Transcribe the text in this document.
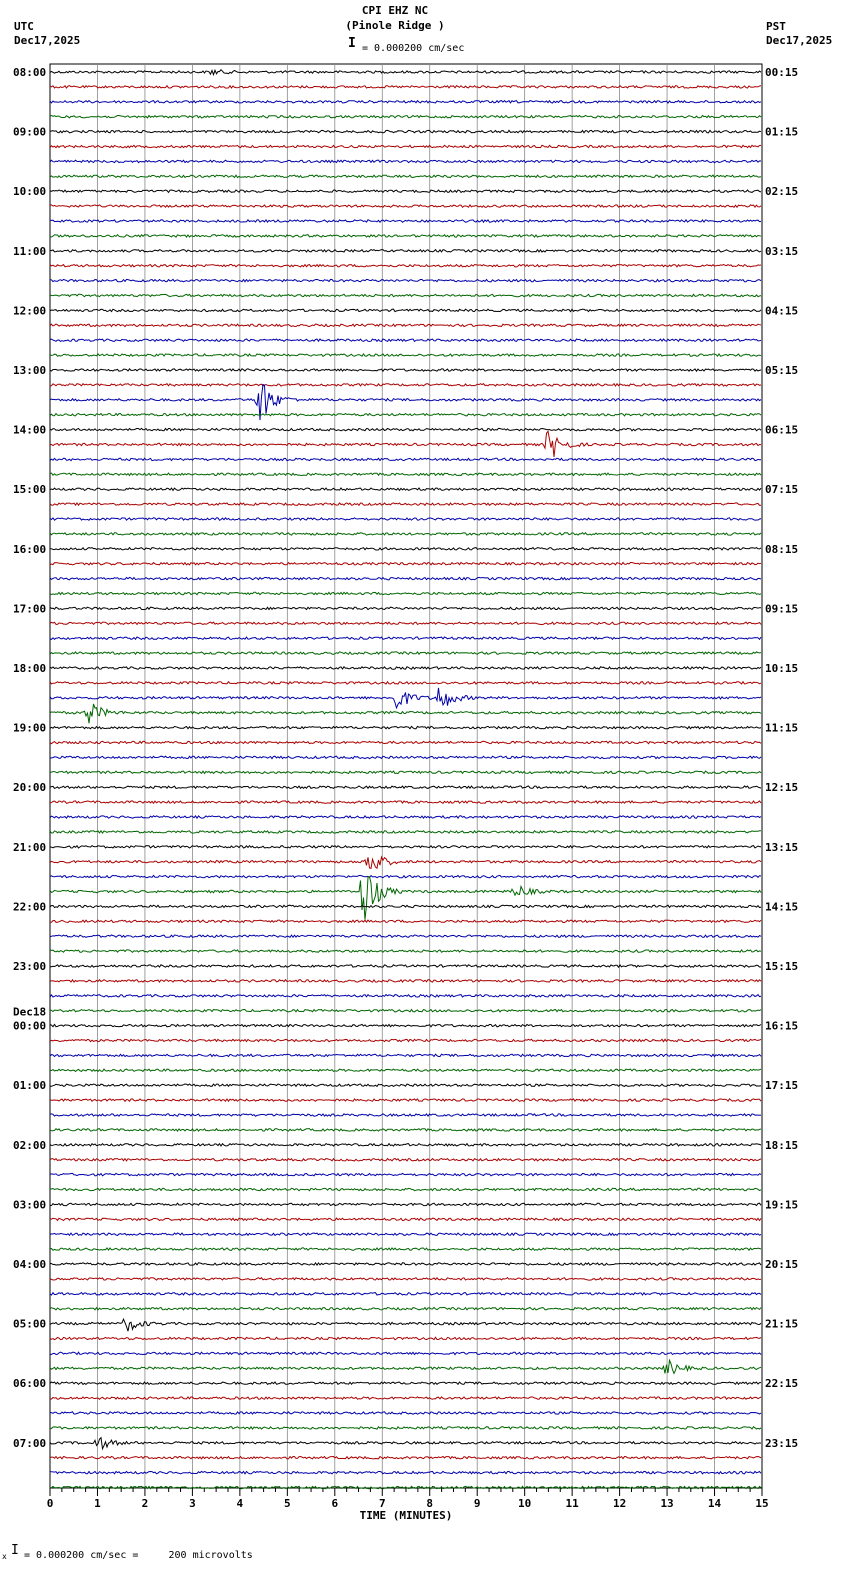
CPI EHZ NC
(Pinole Ridge )
I = 0.000200 cm/sec
UTC
Dec17,2025
PST
Dec17,2025
08:00
09:00
10:00
11:00
12:00
13:00
14:00
15:00
16:00
17:00
18:00
19:00
20:00
21:00
22:00
23:00
00:00
01:00
02:00
03:00
04:00
05:00
06:00
07:00
00:15
01:15
02:15
03:15
04:15
05:15
06:15
07:15
08:15
09:15
10:15
11:15
12:15
13:15
14:15
15:15
16:15
17:15
18:15
19:15
20:15
21:15
22:15
23:15
Dec18
0	1	2	3	4	5	6	7	8	9	10	11	12	13	14	15
TIME (MINUTES)
x I = 0.000200 cm/sec =     200 microvolts
